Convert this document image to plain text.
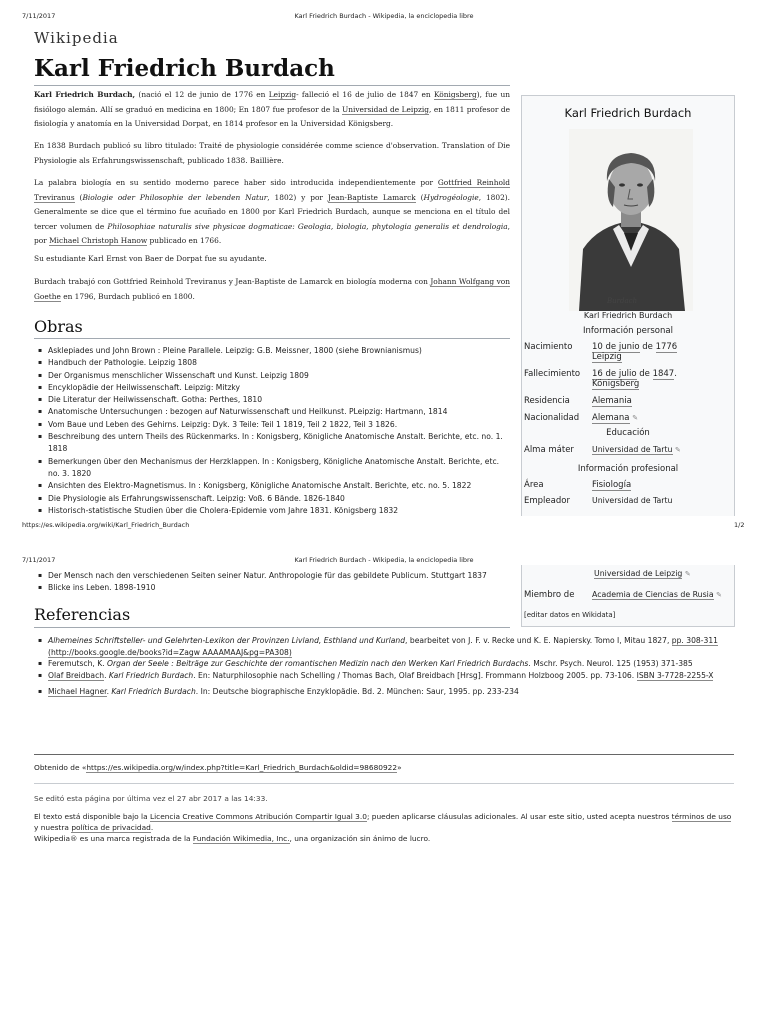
7/11/2017	Karl Friedrich Burdach - Wikipedia, la enciclopedia libre
Wikipedia
Karl Friedrich Burdach
Karl Friedrich Burdach, (nació el 12 de junio de 1776 en Leipzig- falleció el 16 de julio de 1847 en Königsberg), fue un fisiólogo alemán. Allí se graduó en medicina en 1800; En 1807 fue profesor de la Universidad de Leipzig, en 1811 profesor de fisiología y anatomía en la Universidad Dorpat, en 1814 profesor en la Universidad Königsberg.
En 1838 Burdach publicó su libro titulado: Traité de physiologie considérée comme science d'observation. Translation of Die Physiologie als Erfahrungswissenschaft, publicado 1838. Baillière.
La palabra biología en su sentido moderno parece haber sido introducida independientemente por Gottfried Reinhold Treviranus (Biologie oder Philosophie der lebenden Natur, 1802) y por Jean-Baptiste Lamarck (Hydrogéologie, 1802). Generalmente se dice que el término fue acuñado en 1800 por Karl Friedrich Burdach, aunque se menciona en el título del tercer volumen de Philosophiae naturalis sive physicae dogmaticae: Geologia, biologia, phytologia generalis et dendrologia, por Michael Christoph Hanow publicado en 1766.
Su estudiante Karl Ernst von Baer de Dorpat fue su ayudante.
Burdach trabajó con Gottfried Reinhold Treviranus y Jean-Baptiste de Lamarck en biología moderna con Johann Wolfgang von Goethe en 1796, Burdach publicó en 1800.
Obras
▪ Asklepiades und John Brown : Pleine Parallele. Leipzig: G.B. Meissner, 1800 (siehe Brownianismus)
▪ Handbuch der Pathologie. Leipzig 1808
▪ Der Organismus menschlicher Wissenschaft und Kunst. Leipzig 1809
▪ Encyklopädie der Heilwissenschaft. Leipzig: Mitzky
▪ Die Literatur der Heilwissenschaft. Gotha: Perthes, 1810
▪ Anatomische Untersuchungen : bezogen auf Naturwissenschaft und Heilkunst. PLeipzig: Hartmann, 1814
▪ Vom Baue und Leben des Gehirns. Leipzig: Dyk. 3 Teile: Teil 1 1819, Teil 2 1822, Teil 3 1826.
▪ Beschreibung des untern Theils des Rückenmarks. In : Konigsberg, Königliche Anatomische Anstalt. Berichte, etc. no. 1. 1818
▪ Bemerkungen über den Mechanismus der Herzklappen. In : Konigsberg, Königliche Anatomische Anstalt. Berichte, etc. no. 3. 1820
▪ Ansichten des Elektro-Magnetismus. In : Konigsberg, Königliche Anatomische Anstalt. Berichte, etc. no. 5. 1822
▪ Die Physiologie als Erfahrungswissenschaft. Leipzig: Voß. 6 Bände. 1826-1840
▪ Historisch-statistische Studien über die Cholera-Epidemie vom Jahre 1831. Königsberg 1832
Karl Friedrich Burdach
Burdach
Karl Friedrich Burdach
Información personal
Nacimiento	10 de junio de 1776
Leipzig
Fallecimiento	16 de julio de 1847.
Königsberg
Residencia	Alemania
Nacionalidad	Alemana ✎
Educación
Alma máter	Universidad de Tartu ✎
Información profesional
Área	Fisiología
Empleador	Universidad de Tartu
https://es.wikipedia.org/wiki/Karl_Friedrich_Burdach	1/2
7/11/2017	Karl Friedrich Burdach - Wikipedia, la enciclopedia libre
▪ Der Mensch nach den verschiedenen Seiten seiner Natur. Anthropologie für das gebildete Publicum. Stuttgart 1837
▪ Blicke ins Leben. 1898-1910
Universidad de Leipzig ✎
Miembro de	Academia de Ciencias de Rusia ✎
[editar datos en Wikidata]
Referencias
▪ Alhemeines Schriftsteller- und Gelehrten-Lexikon der Provinzen Livland, Esthland und Kurland, bearbeitet von J. F. v. Recke und K. E. Napiersky. Tomo I, Mitau 1827, pp. 308-311 (http://books.google.de/books?id=Zagw AAAAMAAJ&pg=PA308)
▪ Feremutsch, K. Organ der Seele : Beiträge zur Geschichte der romantischen Medizin nach den Werken Karl Friedrich Burdachs. Mschr. Psych. Neurol. 125 (1953) 371-385
▪ Olaf Breidbach. Karl Friedrich Burdach. En: Naturphilosophie nach Schelling / Thomas Bach, Olaf Breidbach [Hrsg]. Frommann Holzboog 2005. pp. 73-106. ISBN 3-7728-2255-X
▪ Michael Hagner. Karl Friedrich Burdach. In: Deutsche biographische Enzyklopädie. Bd. 2. München: Saur, 1995. pp. 233-234
Obtenido de «https://es.wikipedia.org/w/index.php?title=Karl_Friedrich_Burdach&oldid=98680922»
Se editó esta página por última vez el 27 abr 2017 a las 14:33.
El texto está disponible bajo la Licencia Creative Commons Atribución Compartir Igual 3.0; pueden aplicarse cláusulas adicionales. Al usar este sitio, usted acepta nuestros términos de uso y nuestra política de privacidad.
Wikipedia® es una marca registrada de la Fundación Wikimedia, Inc., una organización sin ánimo de lucro.
